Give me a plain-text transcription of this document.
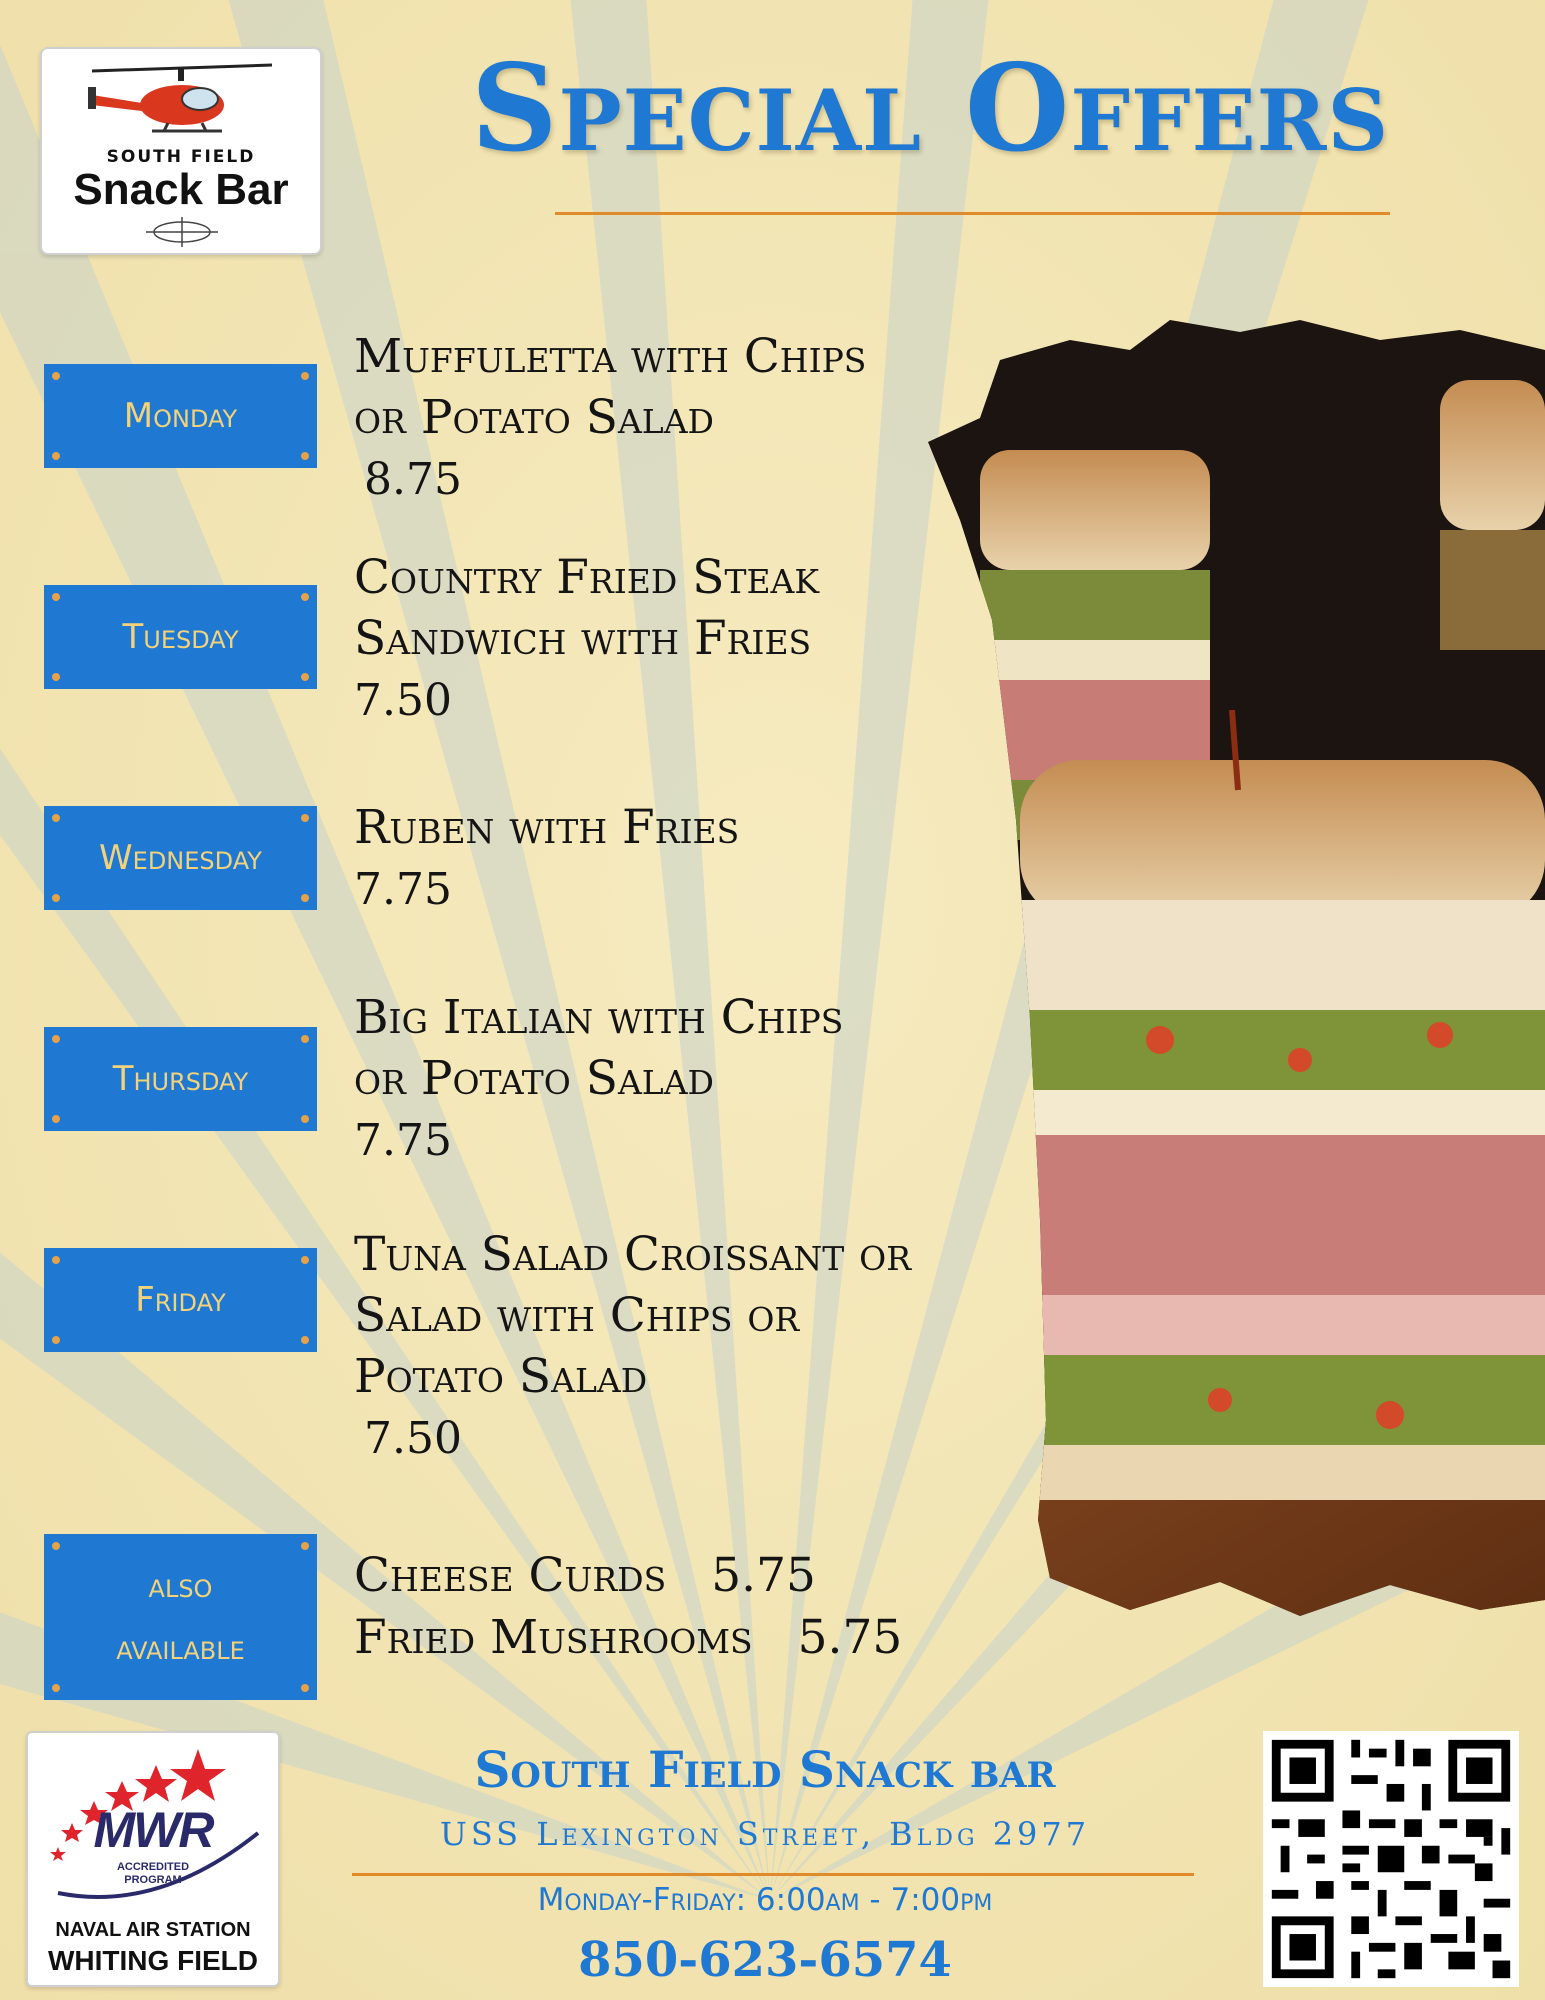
SOUTH FIELD
Snack Bar
Special Offers
Monday
Tuesday
Wednesday
Thursday
Friday
also
available
Muffuletta with Chips
or Potato Salad
8.75
Country Fried Steak
Sandwich with Fries
7.50
Ruben with Fries
7.75
Big Italian with Chips
or Potato Salad
7.75
Tuna Salad Croissant or
Salad with Chips or
Potato Salad
7.50
Cheese Curds 5.75
Fried Mushrooms 5.75
MWR
ACCREDITED
PROGRAM
NAVAL AIR STATION
WHITING FIELD
South Field Snack bar
USS Lexington Street, Bldg 2977
Monday-Friday: 6:00am - 7:00pm
850-623-6574
